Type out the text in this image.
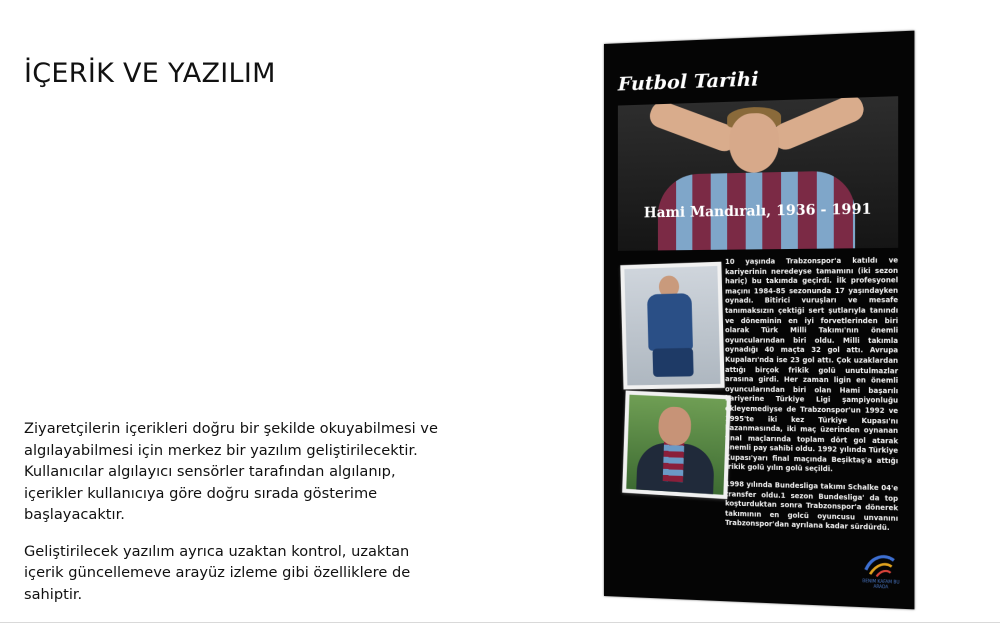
İÇERİK VE YAZILIM

Ziyaretçilerin içerikleri doğru bir şekilde okuyabilmesi ve algılayabilmesi için merkez bir yazılım geliştirilecektir. Kullanıcılar algılayıcı sensörler tarafından algılanıp, içerikler kullanıcıya göre doğru sırada gösterime başlayacaktır.

Geliştirilecek yazılım ayrıca uzaktan kontrol, uzaktan içerik güncellemeve arayüz izleme gibi özelliklere de sahiptir.

Futbol Tarihi
Hami Mandıralı, 1936 - 1991

10 yaşında Trabzonspor'a katıldı ve kariyerinin neredeyse tamamını (iki sezon hariç) bu takımda geçirdi. İlk profesyonel maçını 1984-85 sezonunda 17 yaşındayken oynadı. Bitirici vuruşları ve mesafe tanımaksızın çektiği sert şutlarıyla tanındı ve döneminin en iyi forvetlerinden biri olarak Türk Milli Takımı'nın önemli oyuncularından biri oldu. Milli takımla oynadığı 40 maçta 32 gol attı. Avrupa Kupaları'nda ise 23 gol attı. Çok uzaklardan attığı birçok frikik golü unutulmazlar arasına girdi. Her zaman ligin en önemli oyuncularından biri olan Hami başarılı kariyerine Türkiye Ligi şampiyonluğu ekleyemediyse de Trabzonspor'un 1992 ve 1995'te iki kez Türkiye Kupası'nı kazanmasında, iki maç üzerinden oynanan final maçlarında toplam dört gol atarak önemli pay sahibi oldu. 1992 yılında Türkiye Kupası'yarı final maçında Beşiktaş'a attığı frikik golü yılın golü seçildi.

1998 yılında Bundesliga takımı Schalke 04'e transfer oldu.1 sezon Bundesliga' da top koşturduktan sonra Trabzonspor'a dönerek takımının en golcü oyuncusu unvanını Trabzonspor'dan ayrılana kadar sürdürdü.

BENIM KAFAM BU ARADA
